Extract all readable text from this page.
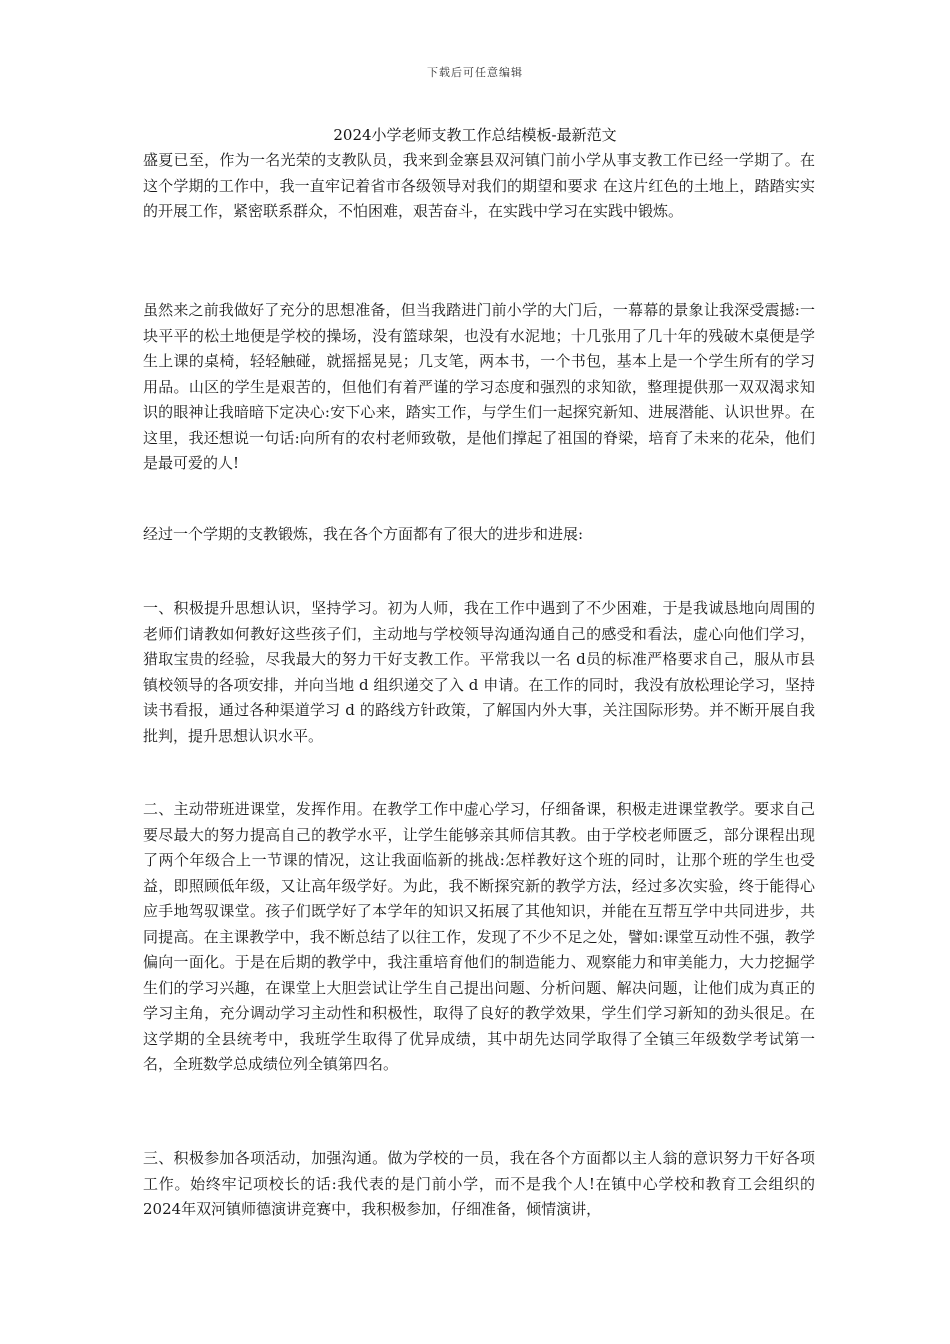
下载后可任意编辑
2024小学老师支教工作总结模板-最新范文

盛夏已至，作为一名光荣的支教队员，我来到金寨县双河镇门前小学从事支教工作已经一学期了。在这个学期的工作中，我一直牢记着省市各级领导对我们的期望和要求 在这片红色的土地上，踏踏实实的开展工作，紧密联系群众，不怕困难，艰苦奋斗，在实践中学习在实践中锻炼。

虽然来之前我做好了充分的思想准备，但当我踏进门前小学的大门后，一幕幕的景象让我深受震撼:一块平平的松土地便是学校的操场，没有篮球架，也没有水泥地；十几张用了几十年的残破木桌便是学生上课的桌椅，轻轻触碰，就摇摇晃晃；几支笔，两本书，一个书包，基本上是一个学生所有的学习用品。山区的学生是艰苦的，但他们有着严谨的学习态度和强烈的求知欲，整理提供那一双双渴求知识的眼神让我暗暗下定决心:安下心来，踏实工作，与学生们一起探究新知、进展潜能、认识世界。在这里，我还想说一句话:向所有的农村老师致敬，是他们撑起了祖国的脊梁，培育了未来的花朵，他们是最可爱的人!

经过一个学期的支教锻炼，我在各个方面都有了很大的进步和进展:

一、积极提升思想认识，坚持学习。初为人师，我在工作中遇到了不少困难，于是我诚恳地向周围的老师们请教如何教好这些孩子们，主动地与学校领导沟通沟通自己的感受和看法，虚心向他们学习，猎取宝贵的经验，尽我最大的努力干好支教工作。平常我以一名 d员的标准严格要求自己，服从市县镇校领导的各项安排，并向当地 d 组织递交了入 d 申请。在工作的同时，我没有放松理论学习，坚持读书看报，通过各种渠道学习 d 的路线方针政策，了解国内外大事，关注国际形势。并不断开展自我批判，提升思想认识水平。

二、主动带班进课堂，发挥作用。在教学工作中虚心学习，仔细备课，积极走进课堂教学。要求自己要尽最大的努力提高自己的教学水平，让学生能够亲其师信其教。由于学校老师匮乏，部分课程出现了两个年级合上一节课的情况，这让我面临新的挑战:怎样教好这个班的同时，让那个班的学生也受益，即照顾低年级，又让高年级学好。为此，我不断探究新的教学方法，经过多次实验，终于能得心应手地驾驭课堂。孩子们既学好了本学年的知识又拓展了其他知识，并能在互帮互学中共同进步，共同提高。在主课教学中，我不断总结了以往工作，发现了不少不足之处，譬如:课堂互动性不强，教学偏向一面化。于是在后期的教学中，我注重培育他们的制造能力、观察能力和审美能力，大力挖掘学生们的学习兴趣，在课堂上大胆尝试让学生自己提出问题、分析问题、解决问题，让他们成为真正的学习主角，充分调动学习主动性和积极性，取得了良好的教学效果，学生们学习新知的劲头很足。在这学期的全县统考中，我班学生取得了优异成绩，其中胡先达同学取得了全镇三年级数学考试第一名，全班数学总成绩位列全镇第四名。

三、积极参加各项活动，加强沟通。做为学校的一员，我在各个方面都以主人翁的意识努力干好各项工作。始终牢记项校长的话:我代表的是门前小学，而不是我个人!在镇中心学校和教育工会组织的2024年双河镇师德演讲竞赛中，我积极参加，仔细准备，倾情演讲，
